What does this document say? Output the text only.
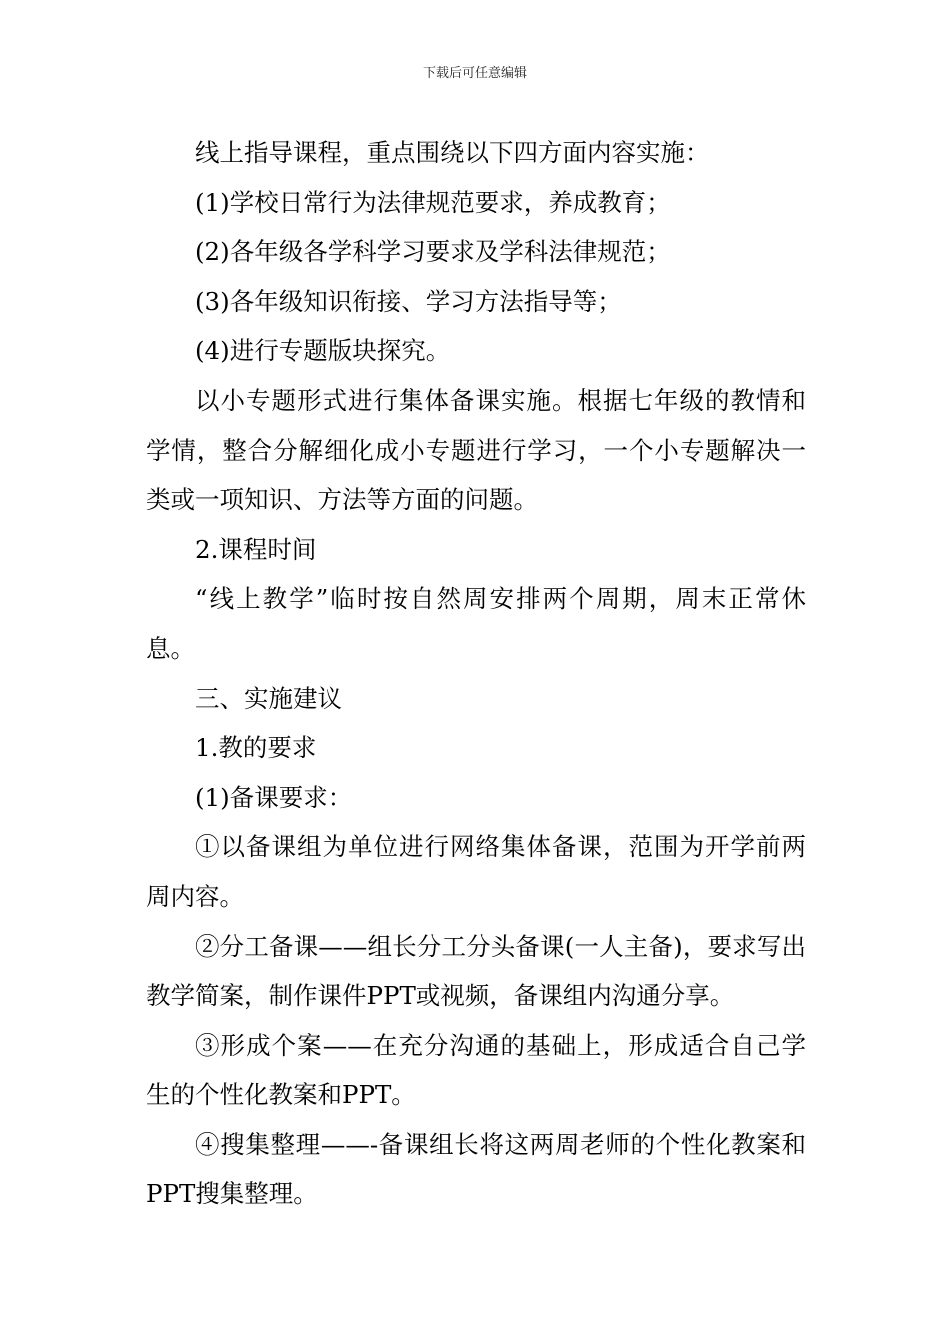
下载后可任意编辑

线上指导课程，重点围绕以下四方面内容实施：

(1)学校日常行为法律规范要求，养成教育；

(2)各年级各学科学习要求及学科法律规范；

(3)各年级知识衔接、学习方法指导等；

(4)进行专题版块探究。

以小专题形式进行集体备课实施。根据七年级的教情和学情，整合分解细化成小专题进行学习，一个小专题解决一类或一项知识、方法等方面的问题。

2.课程时间

“线上教学”临时按自然周安排两个周期，周末正常休息。

三、实施建议

1.教的要求

(1)备课要求：

①以备课组为单位进行网络集体备课，范围为开学前两周内容。

②分工备课——组长分工分头备课(一人主备)，要求写出教学简案，制作课件PPT或视频，备课组内沟通分享。

③形成个案——在充分沟通的基础上，形成适合自己学生的个性化教案和PPT。

④搜集整理——-备课组长将这两周老师的个性化教案和PPT搜集整理。
